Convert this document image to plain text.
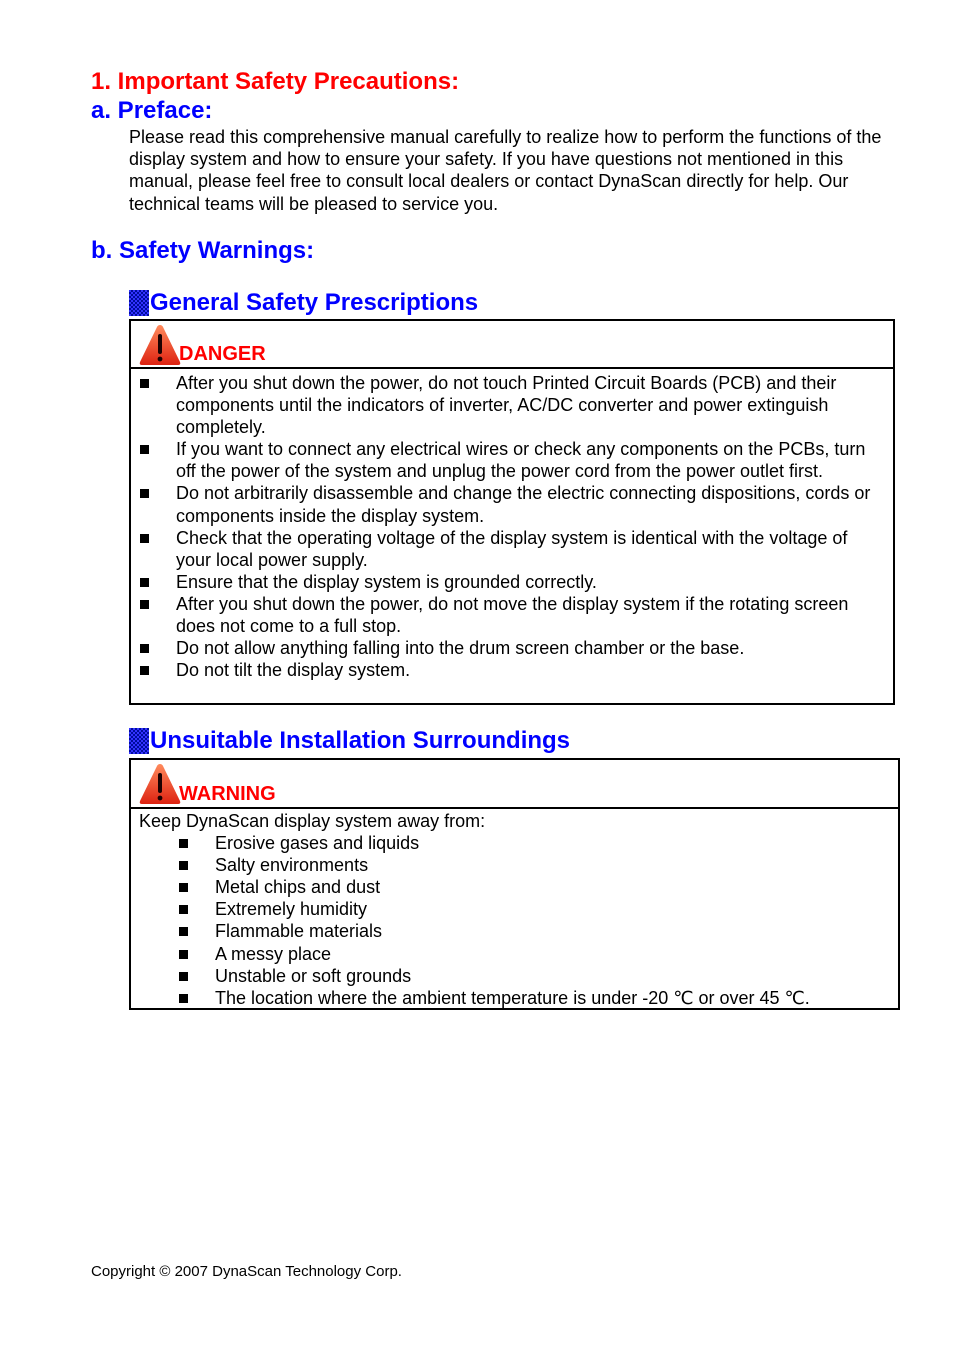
1. Important Safety Precautions:
a. Preface:

Please read this comprehensive manual carefully to realize how to perform the functions of the display system and how to ensure your safety. If you have questions not mentioned in this manual, please feel free to consult local dealers or contact DynaScan directly for help. Our technical teams will be pleased to service you.

b. Safety Warnings:
General Safety Prescriptions
DANGER
After you shut down the power, do not touch Printed Circuit Boards (PCB) and their components until the indicators of inverter, AC/DC converter and power extinguish completely.
If you want to connect any electrical wires or check any components on the PCBs, turn off the power of the system and unplug the power cord from the power outlet first.
Do not arbitrarily disassemble and change the electric connecting dispositions, cords or components inside the display system.
Check that the operating voltage of the display system is identical with the voltage of your local power supply.
Ensure that the display system is grounded correctly.
After you shut down the power, do not move the display system if the rotating screen does not come to a full stop.
Do not allow anything falling into the drum screen chamber or the base.
Do not tilt the display system.
Unsuitable Installation Surroundings
WARNING
Keep DynaScan display system away from:
Erosive gases and liquids
Salty environments
Metal chips and dust
Extremely humidity
Flammable materials
A messy place
Unstable or soft grounds
The location where the ambient temperature is under -20 ℃ or over 45 ℃.

Copyright © 2007 DynaScan Technology Corp.
